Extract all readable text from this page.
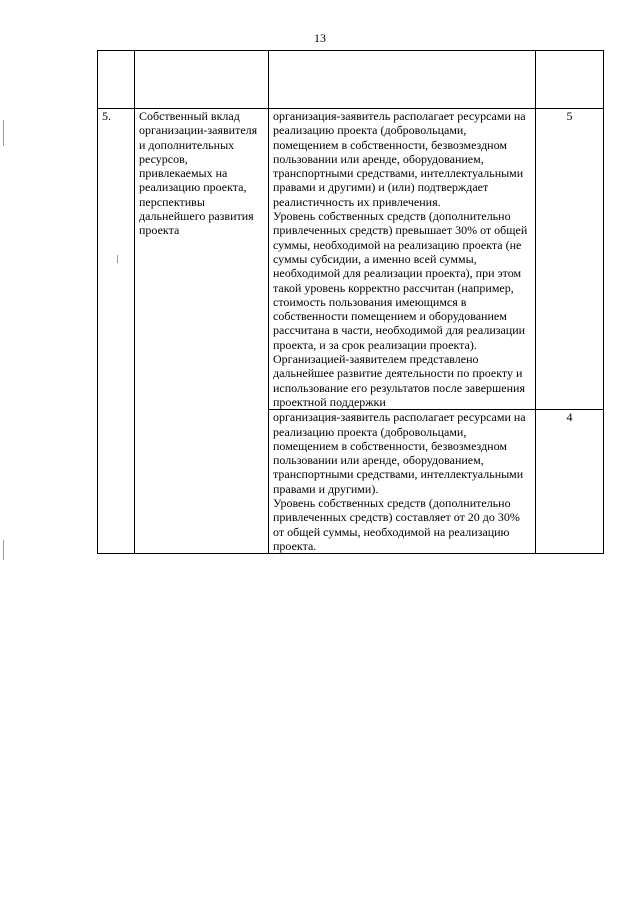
13

5.	Собственный вклад организации-заявителя и дополнительных ресурсов, привлекаемых на реализацию проекта, перспективы дальнейшего развития проекта	организация-заявитель располагает ресурсами на реализацию проекта (добровольцами, помещением в собственности, безвозмездном пользовании или аренде, оборудованием, транспортными средствами, интеллектуальными правами и другими) и (или) подтверждает реалистичность их привлечения.
Уровень собственных средств (дополнительно привлеченных средств) превышает 30% от общей суммы, необходимой на реализацию проекта (не суммы субсидии, а именно всей суммы, необходимой для реализации проекта), при этом такой уровень корректно рассчитан (например, стоимость пользования имеющимся в собственности помещением и оборудованием рассчитана в части, необходимой для реализации проекта, и за срок реализации проекта).
Организацией-заявителем представлено дальнейшее развитие деятельности по проекту и использование его результатов после завершения проектной поддержки	5

		организация-заявитель располагает ресурсами на реализацию проекта (добровольцами, помещением в собственности, безвозмездном пользовании или аренде, оборудованием, транспортными средствами, интеллектуальными правами и другими).
Уровень собственных средств (дополнительно привлеченных средств) составляет от 20 до 30% от общей суммы, необходимой на реализацию проекта.	4
